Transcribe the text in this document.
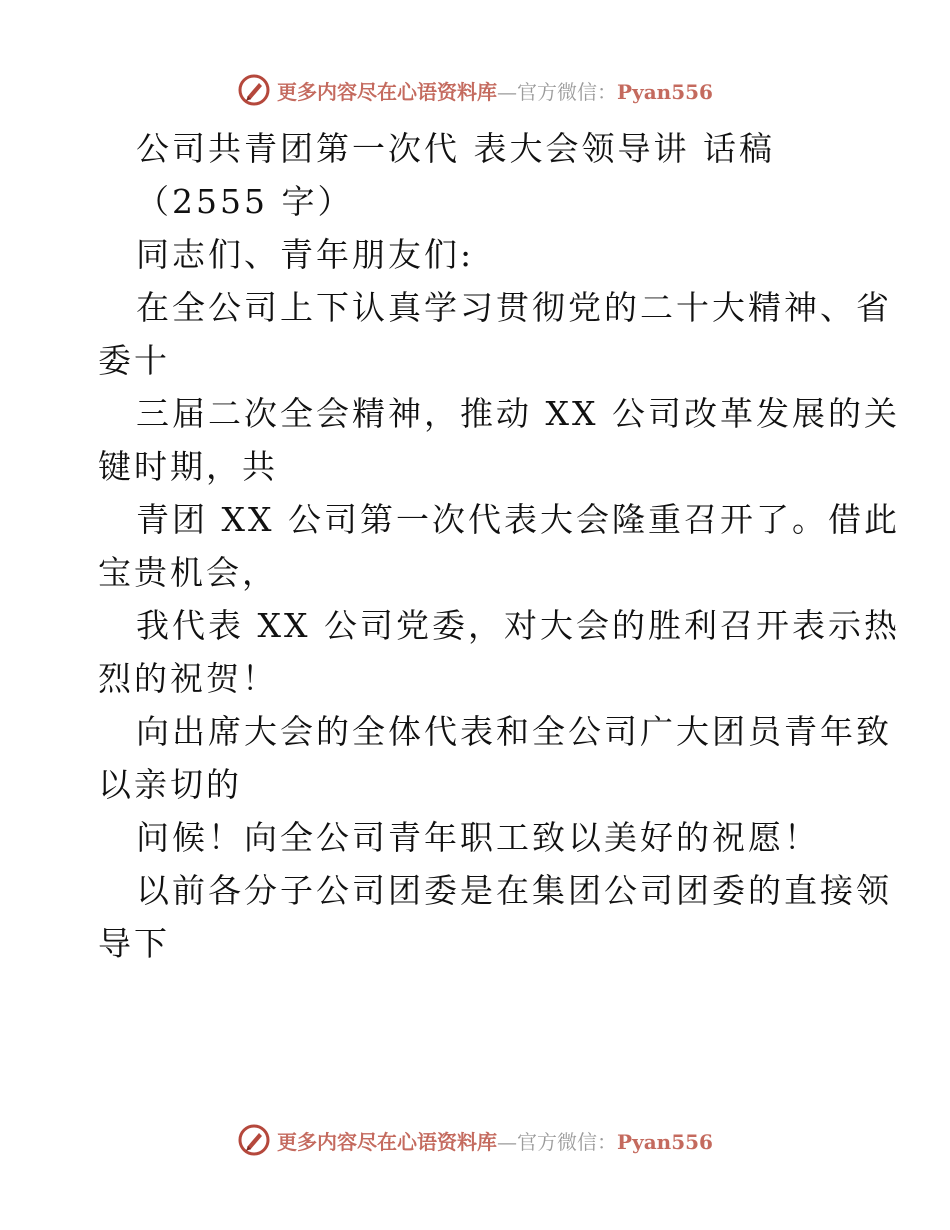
更多内容尽在心语资料库—官方微信：Pyan556
公司共青团第一次代 表大会领导讲 话稿
（2555 字）
同志们、青年朋友们:
在全公司上下认真学习贯彻党的二十大精神、省
委十
三届二次全会精神，推动 XX 公司改革发展的关
键时期，共
青团 XX 公司第一次代表大会隆重召开了。借此
宝贵机会，
我代表 XX 公司党委，对大会的胜利召开表示热
烈的祝贺！
向出席大会的全体代表和全公司广大团员青年致
以亲切的
问候！向全公司青年职工致以美好的祝愿！
以前各分子公司团委是在集团公司团委的直接领
导下
更多内容尽在心语资料库—官方微信：Pyan556
